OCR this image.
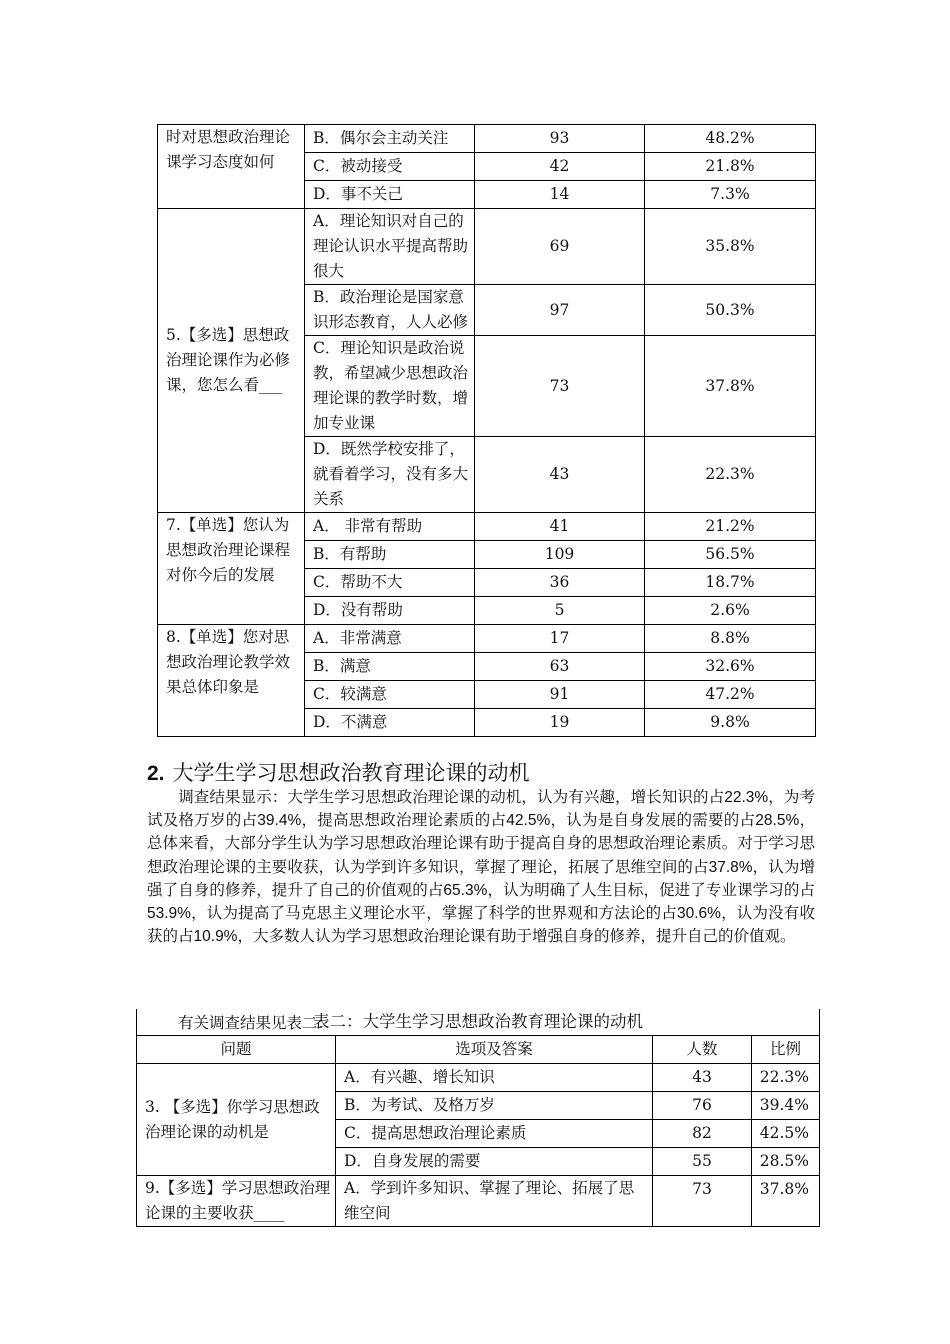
时对思想政治理论课学习态度如何	B．偶尔会主动关注	93	48.2%
	C．被动接受	42	21.8%
	D．事不关己	14	7.3%
5.【多选】思想政治理论课作为必修课，您怎么看___	A．理论知识对自己的理论认识水平提高帮助很大	69	35.8%
	B．政治理论是国家意识形态教育，人人必修	97	50.3%
	C．理论知识是政治说教，希望减少思想政治理论课的教学时数，增加专业课	73	37.8%
	D．既然学校安排了，就看着学习，没有多大关系	43	22.3%
7.【单选】您认为思想政治理论课程对你今后的发展	A． 非常有帮助	41	21.2%
	B．有帮助	109	56.5%
	C．帮助不大	36	18.7%
	D．没有帮助	5	2.6%
8.【单选】您对思想政治理论教学效果总体印象是	A．非常满意	17	8.8%
	B．满意	63	32.6%
	C．较满意	91	47.2%
	D．不满意	19	9.8%
2. 大学生学习思想政治教育理论课的动机

　　调查结果显示：大学生学习思想政治理论课的动机，认为有兴趣，增长知识的占22.3%，为考试及格万岁的占39.4%，提高思想政治理论素质的占42.5%，认为是自身发展的需要的占28.5%，总体来看，大部分学生认为学习思想政治理论课有助于提高自身的思想政治理论素质。对于学习思想政治理论课的主要收获，认为学到许多知识，掌握了理论，拓展了思维空间的占37.8%，认为增强了自身的修养，提升了自己的价值观的占65.3%，认为明确了人生目标，促进了专业课学习的占53.9%，认为提高了马克思主义理论水平，掌握了科学的世界观和方法论的占30.6%，认为没有收获的占10.9%，大多数人认为学习思想政治理论课有助于增强自身的修养，提升自己的价值观。

有关调查结果见表二：
表二：大学生学习思想政治教育理论课的动机			
问题	选项及答案	人数	比例
3. 【多选】你学习思想政治理论课的动机是	A．有兴趣、增长知识	43	22.3%
	B．为考试、及格万岁	76	39.4%
	C．提高思想政治理论素质	82	42.5%
	D．自身发展的需要	55	28.5%
9.【多选】学习思想政治理论课的主要收获____	A．学到许多知识、掌握了理论、拓展了思维空间	73	37.8%
